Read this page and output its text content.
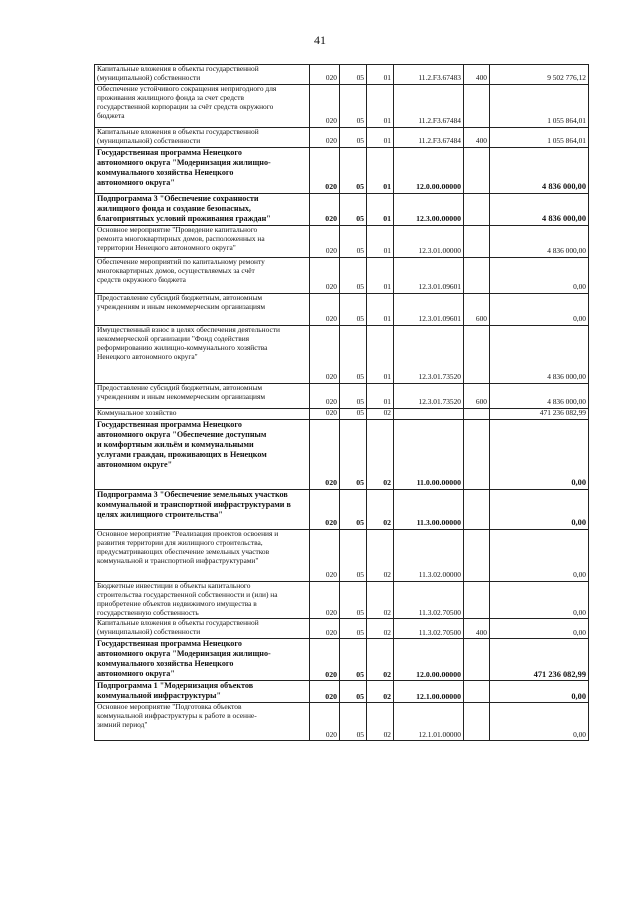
41
Капитальные вложения в объекты государственной
(муниципальной) собственности	020	05	01	11.2.F3.67483	400	9 502 776,12
Обеспечение устойчивого сокращения непригодного для
проживания жилищного фонда за счет средств
государственной корпорации за счёт средств окружного
бюджета	020	05	01	11.2.F3.67484		1 055 864,01
Капитальные вложения в объекты государственной
(муниципальной) собственности	020	05	01	11.2.F3.67484	400	1 055 864,01
Государственная программа Ненецкого
автономного округа "Модернизация жилищно-
коммунального хозяйства Ненецкого
автономного округа"	020	05	01	12.0.00.00000		4 836 000,00
Подпрограмма 3 "Обеспечение сохранности
жилищного фонда и создание безопасных,
благоприятных условий проживания граждан"	020	05	01	12.3.00.00000		4 836 000,00
Основное мероприятие "Проведение капитального
ремонта многоквартирных домов, расположенных на
территории Ненецкого автономного округа"	020	05	01	12.3.01.00000		4 836 000,00
Обеспечение мероприятий по капитальному ремонту
многоквартирных домов, осуществляемых за счёт
средств окружного бюджета	020	05	01	12.3.01.09601		0,00
Предоставление субсидий бюджетным, автономным
учреждениям и иным некоммерческим организациям	020	05	01	12.3.01.09601	600	0,00
Имущественный взнос в целях обеспечения деятельности
некоммерческой организации "Фонд содействия
реформированию жилищно-коммунального хозяйства
Ненецкого автономного округа"	020	05	01	12.3.01.73520		4 836 000,00
Предоставление субсидий бюджетным, автономным
учреждениям и иным некоммерческим организациям	020	05	01	12.3.01.73520	600	4 836 000,00
Коммунальное хозяйство	020	05	02			471 236 082,99
Государственная программа Ненецкого
автономного округа "Обеспечение доступным
и комфортным жильём и коммунальными
услугами граждан, проживающих в Ненецком
автономном округе"	020	05	02	11.0.00.00000		0,00
Подпрограмма 3 "Обеспечение земельных участков
коммунальной и транспортной инфраструктурами в
целях жилищного строительства"	020	05	02	11.3.00.00000		0,00
Основное мероприятие "Реализация проектов освоения и
развития территории для жилищного строительства,
предусматривающих обеспечение земельных участков
коммунальной и транспортной инфраструктурами"	020	05	02	11.3.02.00000		0,00
Бюджетные инвестиции в объекты капитального
строительства государственной собственности и (или) на
приобретение объектов недвижимого имущества в
государственную собственность	020	05	02	11.3.02.70500		0,00
Капитальные вложения в объекты государственной
(муниципальной) собственности	020	05	02	11.3.02.70500	400	0,00
Государственная программа Ненецкого
автономного округа "Модернизация жилищно-
коммунального хозяйства Ненецкого
автономного округа"	020	05	02	12.0.00.00000		471 236 082,99
Подпрограмма 1 "Модернизация объектов
коммунальной инфраструктуры"	020	05	02	12.1.00.00000		0,00
Основное мероприятие "Подготовка объектов
коммунальной инфраструктуры к работе в осенне-
зимний период"	020	05	02	12.1.01.00000		0,00
